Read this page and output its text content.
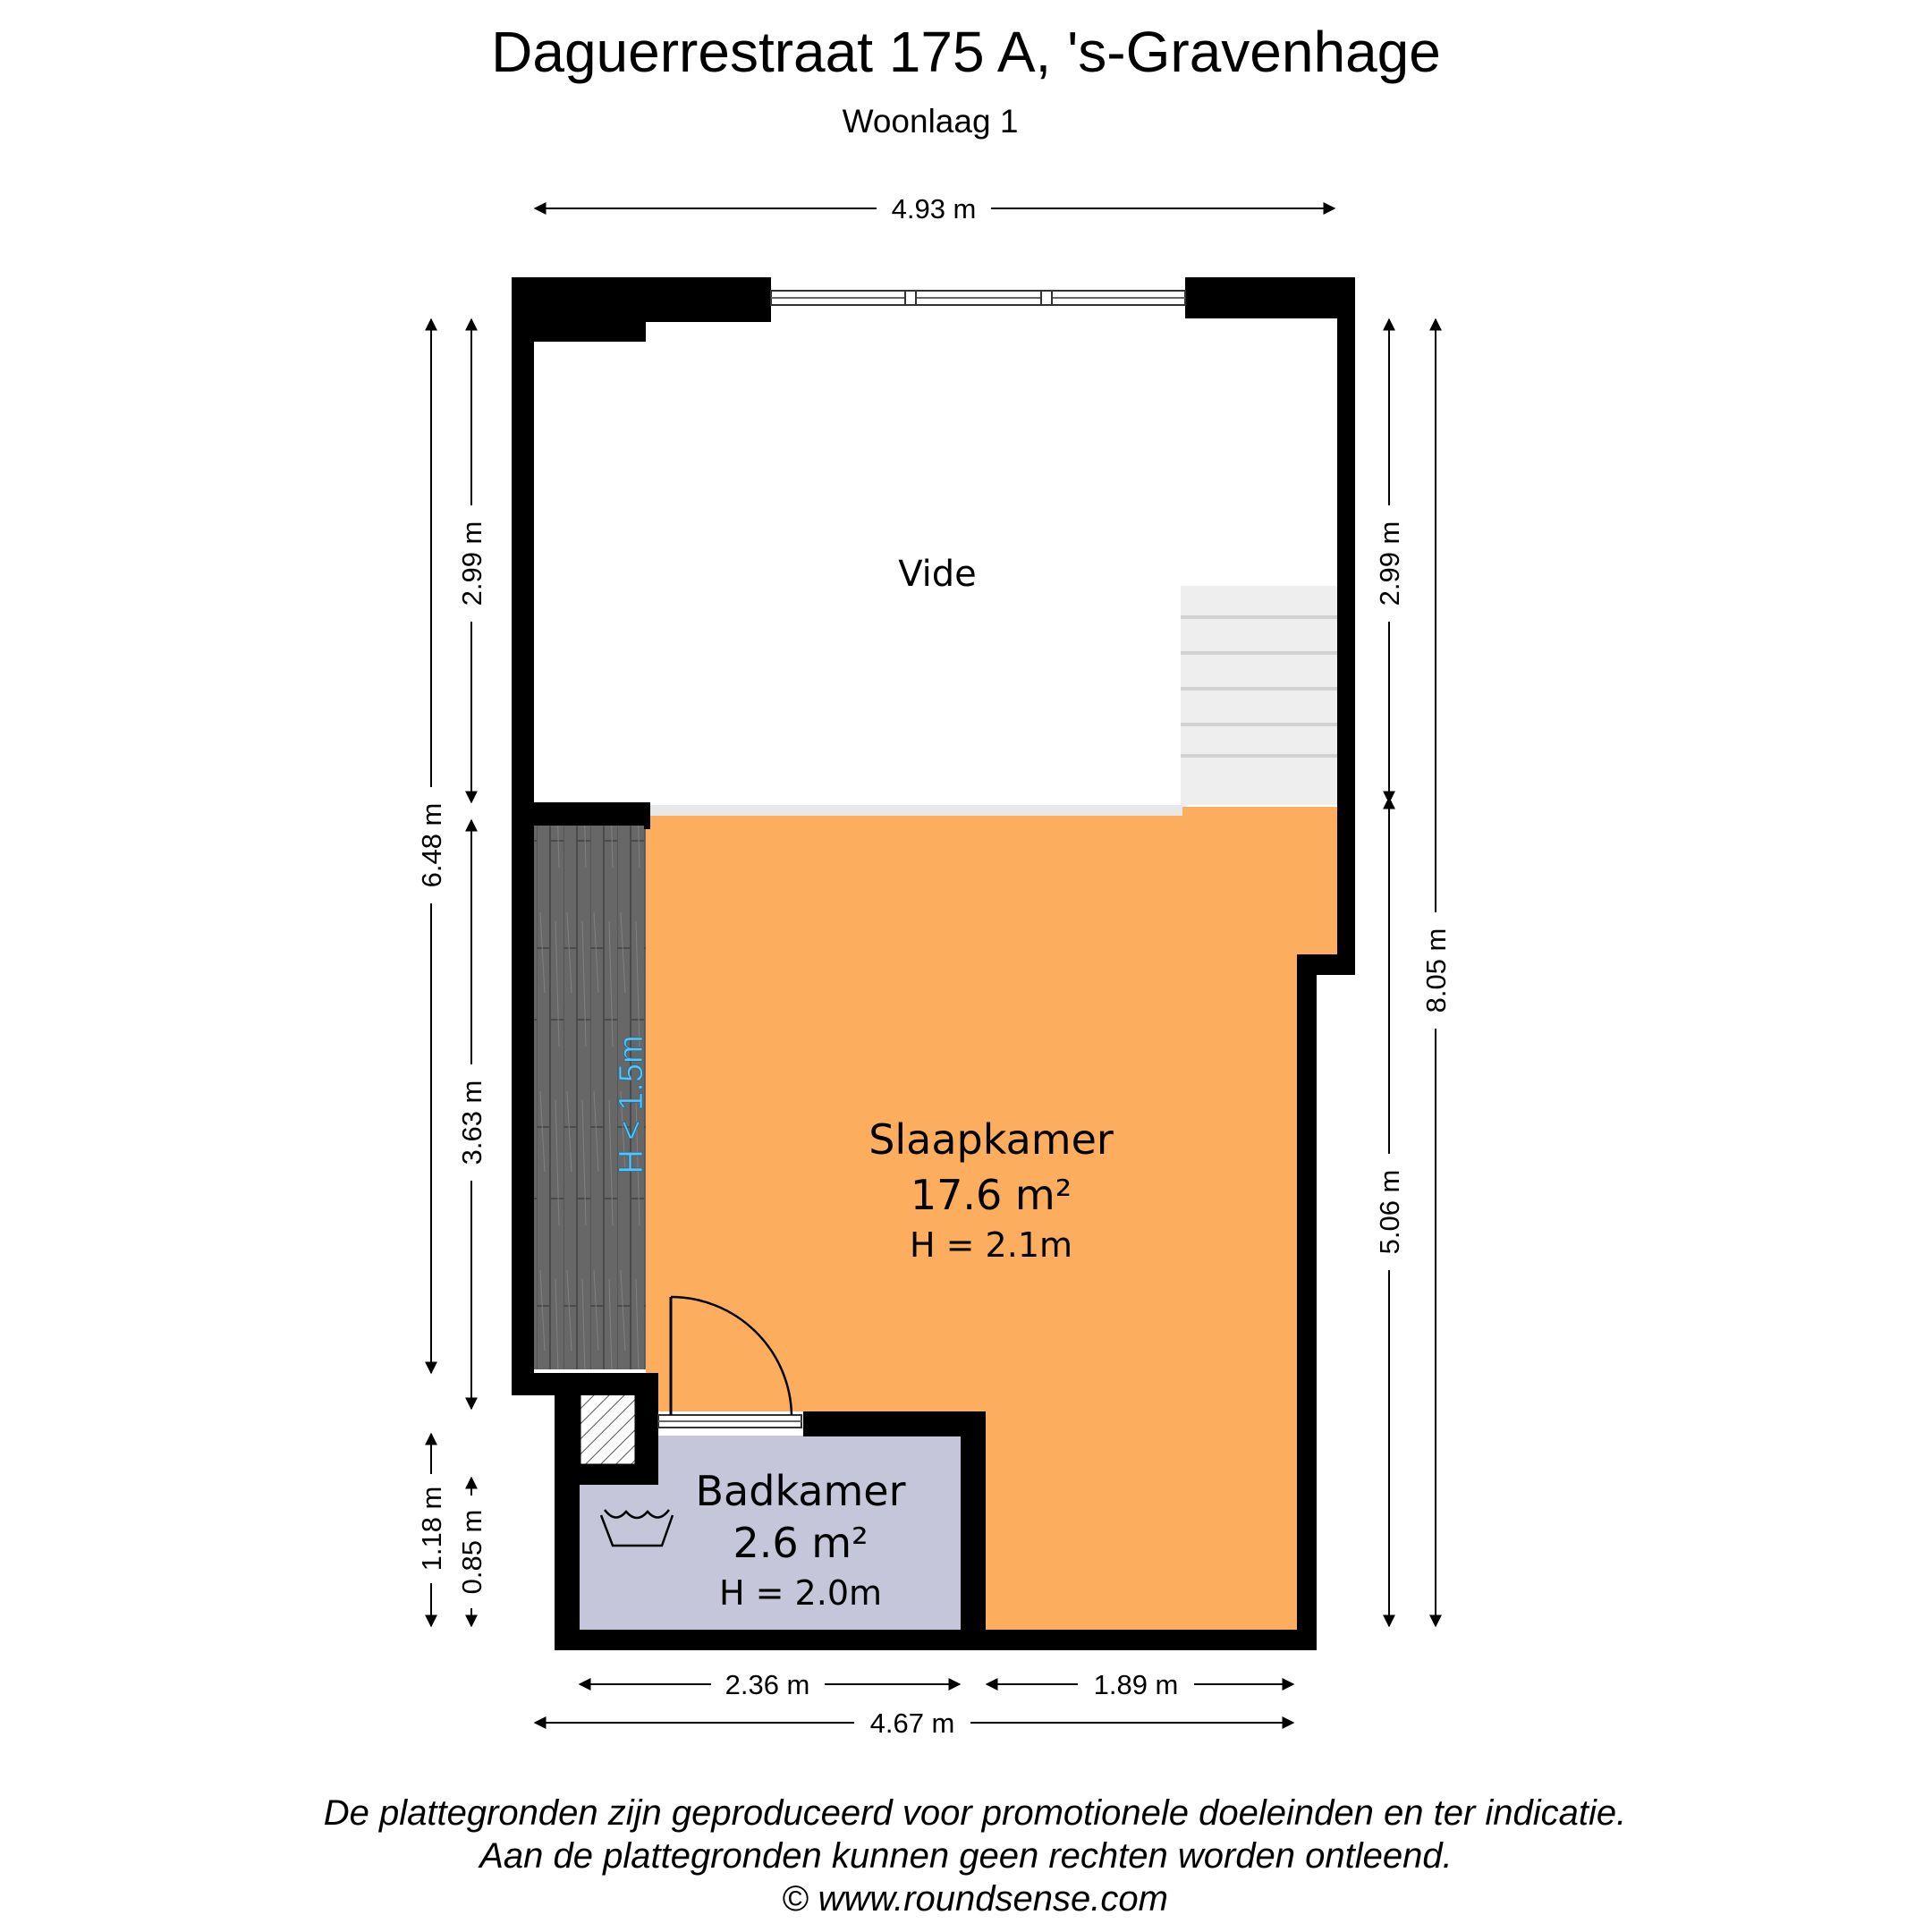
Daguerrestraat 175 A, 's-Gravenhage
Woonlaag 1
Vide
Slaapkamer
17.6 m²
H = 2.1m
Badkamer
2.6 m²
H = 2.0m
H < 1.5m
4.93 m
6.48 m
2.99 m
3.63 m
1.18 m 0.85 m
2.99 m
5.06 m
8.05 m
2.36 m	1.89 m
4.67 m
De plattegronden zijn geproduceerd voor promotionele doeleinden en ter indicatie.
Aan de plattegronden kunnen geen rechten worden ontleend.
© www.roundsense.com
